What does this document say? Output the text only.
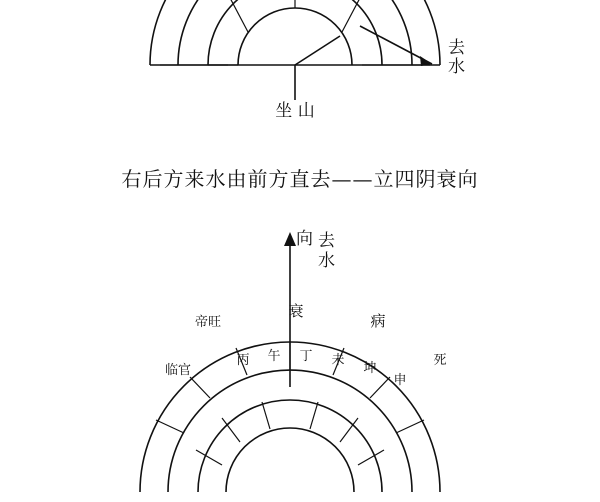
坐 山
去
水
右后方来水由前方直去——立四阴衰向
向 去
水
帝旺
衰
病
临官
丙 午 丁 未
坤
申
死
